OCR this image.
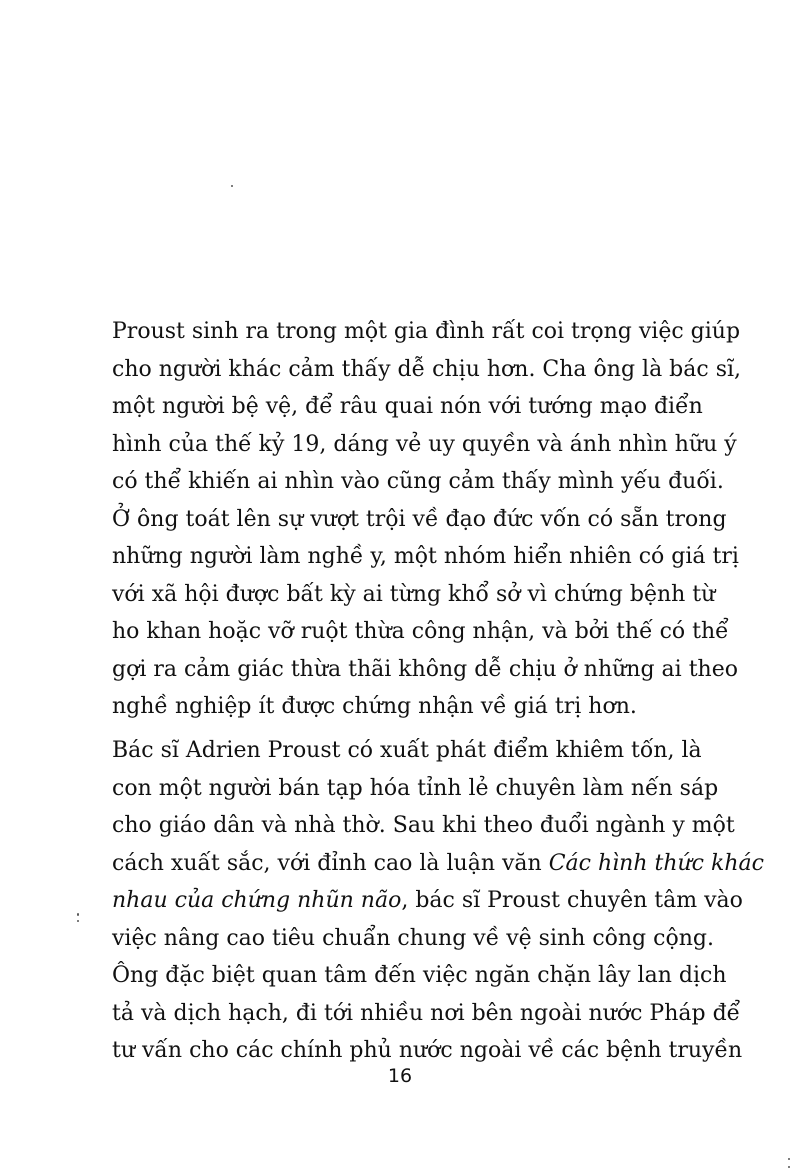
Proust sinh ra trong một gia đình rất coi trọng việc giúp
cho người khác cảm thấy dễ chịu hơn. Cha ông là bác sĩ,
một người bệ vệ, để râu quai nón với tướng mạo điển
hình của thế kỷ 19, dáng vẻ uy quyền và ánh nhìn hữu ý
có thể khiến ai nhìn vào cũng cảm thấy mình yếu đuối.
Ở ông toát lên sự vượt trội về đạo đức vốn có sẵn trong
những người làm nghề y, một nhóm hiển nhiên có giá trị
với xã hội được bất kỳ ai từng khổ sở vì chứng bệnh từ
ho khan hoặc vỡ ruột thừa công nhận, và bởi thế có thể
gợi ra cảm giác thừa thãi không dễ chịu ở những ai theo
nghề nghiệp ít được chứng nhận về giá trị hơn.
Bác sĩ Adrien Proust có xuất phát điểm khiêm tốn, là
con một người bán tạp hóa tỉnh lẻ chuyên làm nến sáp
cho giáo dân và nhà thờ. Sau khi theo đuổi ngành y một
cách xuất sắc, với đỉnh cao là luận văn Các hình thức khác
nhau của chứng nhũn não, bác sĩ Proust chuyên tâm vào
việc nâng cao tiêu chuẩn chung về vệ sinh công cộng.
Ông đặc biệt quan tâm đến việc ngăn chặn lây lan dịch
tả và dịch hạch, đi tới nhiều nơi bên ngoài nước Pháp để
tư vấn cho các chính phủ nước ngoài về các bệnh truyền
16
